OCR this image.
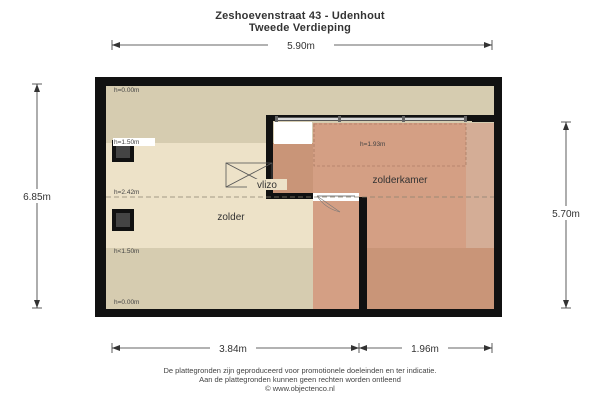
Zeshoevenstraat 43 - Udenhout
Tweede Verdieping
5.90m
6.85m
5.70m
3.84m	1.96m
vlizo
zolder
zolderkamer
h=0.00m
h=1.50m
h=2.42m
h<1.50m
h=0.00m
h=1.93m
De plattegronden zijn geproduceerd voor promotionele doeleinden en ter indicatie.
Aan de plattegronden kunnen geen rechten worden ontleend
© www.objectenco.nl
